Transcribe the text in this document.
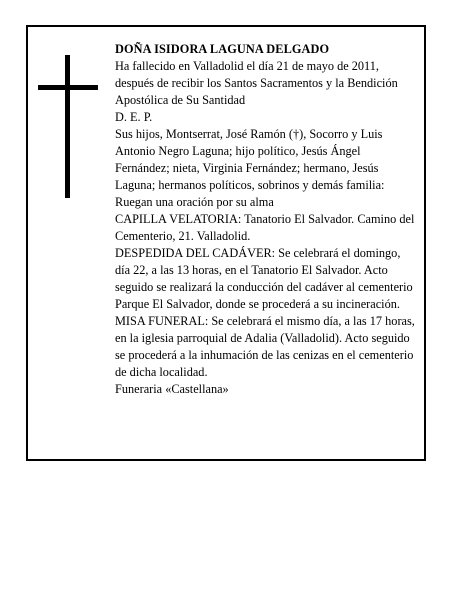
DOÑA ISIDORA LAGUNA DELGADO

Ha fallecido en Valladolid el día 21 de mayo de 2011, después de recibir los Santos Sacramentos y la Bendición Apostólica de Su Santidad

D. E. P.

Sus hijos, Montserrat, José Ramón (†), Socorro y Luis Antonio Negro Laguna; hijo político, Jesús Ángel Fernández; nieta, Virginia Fernández; hermano, Jesús Laguna; hermanos políticos, sobrinos y demás familia:

Ruegan una oración por su alma

CAPILLA VELATORIA: Tanatorio El Salvador. Camino del Cementerio, 21. Valladolid.

DESPEDIDA DEL CADÁVER: Se celebrará el domingo, día 22, a las 13 horas, en el Tanatorio El Salvador. Acto seguido se realizará la conducción del cadáver al cementerio Parque El Salvador, donde se procederá a su incineración.

MISA FUNERAL: Se celebrará el mismo día, a las 17 horas, en la iglesia parroquial de Adalia (Valladolid). Acto seguido se procederá a la inhumación de las cenizas en el cementerio de dicha localidad.

Funeraria «Castellana»
